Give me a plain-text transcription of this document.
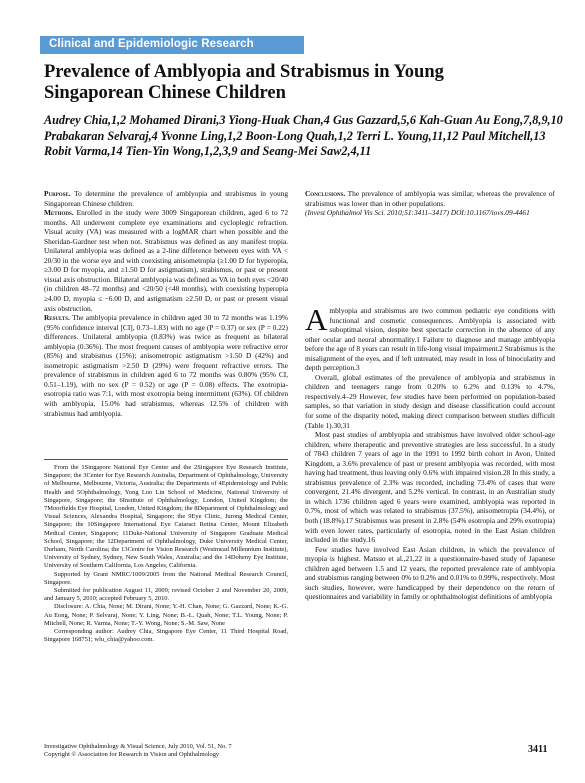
Clinical and Epidemiologic Research
Prevalence of Amblyopia and Strabismus in Young Singaporean Chinese Children
Audrey Chia,1,2 Mohamed Dirani,3 Yiong-Huak Chan,4 Gus Gazzard,5,6 Kah-Guan Au Eong,7,8,9,10 Prabakaran Selvaraj,4 Yvonne Ling,1,2 Boon-Long Quah,1,2 Terri L. Young,11,12 Paul Mitchell,13 Robit Varma,14 Tien-Yin Wong,1,2,3,9 and Seang-Mei Saw2,4,11

Purpose. To determine the prevalence of amblyopia and strabismus in young Singaporean Chinese children.

Methods. Enrolled in the study were 3009 Singaporean children, aged 6 to 72 months. All underwent complete eye examinations and cycloplegic refraction. Visual acuity (VA) was measured with a logMAR chart when possible and the Sheridan-Gardner test when not. Strabismus was defined as any manifest tropia. Unilateral amblyopia was defined as a 2-line difference between eyes with VA < 20/30 in the worse eye and with coexisting anisometropia (≥1.00 D for hyperopia, ≥3.00 D for myopia, and ≥1.50 D for astigmatism), strabismus, or past or present visual axis obstruction. Bilateral amblyopia was defined as VA in both eyes <20/40 (in children 48–72 months) and <20/50 (<48 months), with coexisting hyperopia ≥4.00 D, myopia ≤ −6.00 D, and astigmatism ≥2.50 D, or past or present visual axis obstruction.

Results. The amblyopia prevalence in children aged 30 to 72 months was 1.19% (95% confidence interval [CI], 0.73–1.83) with no age (P = 0.37) or sex (P = 0.22) differences. Unilateral amblyopia (0.83%) was twice as frequent as bilateral amblyopia (0.36%). The most frequent causes of amblyopia were refractive error (85%) and strabismus (15%); anisometropic astigmatism >1.50 D (42%) and isometropic astigmatism >2.50 D (29%) were frequent refractive errors. The prevalence of strabismus in children aged 6 to 72 months was 0.80% (95% CI, 0.51–1.19), with no sex (P = 0.52) or age (P = 0.08) effects. The exotropia-esotropia ratio was 7:1, with most exotropia being intermittent (63%). Of children with amblyopia, 15.0% had strabismus, whereas 12.5% of children with strabismus had amblyopia.

Conclusions. The prevalence of amblyopia was similar, whereas the prevalence of strabismus was lower than in other populations.

(Invest Ophthalmol Vis Sci. 2010;51:3411–3417) DOI:10.1167/iovs.09-4461

From the 1Singapore National Eye Center and the 2Singapore Eye Research Institute, Singapore; the 3Center for Eye Research Australia, Department of Ophthalmology, University of Melbourne, Melbourne, Victoria, Australia; the Departments of 4Epidemiology and Public Health and 5Ophthalmology, Yong Loo Lin School of Medicine, National University of Singapore, Singapore; the 6Institute of Ophthalmology, London, United Kingdom; the 7Moorfields Eye Hospital, London, United Kingdom; the 8Department of Ophthalmology and Visual Sciences, Alexandra Hospital, Singapore; the 9Eye Clinic, Jurong Medical Center, Singapore; the 10Singapore International Eye Cataract Retina Center, Mount Elizabeth Medical Center, Singapore; 11Duke-National University of Singapore Graduate Medical School, Singapore; the 12Department of Ophthalmology, Duke University Medical Center, Durham, North Carolina; the 13Centre for Vision Research (Westmead Millennium Institute), University of Sydney, Sydney, New South Wales, Australia; and the 14Doheny Eye Institute, University of Southern California, Los Angeles, California.

Supported by Grant NMRC/1009/2005 from the National Medical Research Council, Singapore.

Submitted for publication August 11, 2009; revised October 2 and November 20, 2009, and January 5, 2010; accepted February 5, 2010.

Disclosure: A. Chia, None; M. Dirani, None; Y.-H. Chan, None; G. Gazzard, None; K.-G. Au Eong, None; P. Selvaraj, None; Y. Ling, None; B.-L. Quah, None; T.L. Young, None; P. Mitchell, None; R. Varma, None; T.-Y. Wong, None; S.-M. Saw, None

Corresponding author: Audrey Chia, Singapore Eye Center, 11 Third Hospital Road, Singapore 168751; wlu_chia@yahoo.com.

Amblyopia and strabismus are two common pediatric eye conditions with functional and cosmetic consequences. Amblyopia is associated with suboptimal vision, despite best spectacle correction in the absence of any other ocular and neural abnormality.1 Failure to diagnose and manage amblyopia before the age of 8 years can result in life-long visual impairment.2 Strabismus is the misalignment of the eyes, and if left untreated, may result in loss of binocularity and depth perception.3

Overall, global estimates of the prevalence of amblyopia and strabismus in children and teenagers range from 0.20% to 6.2% and 0.13% to 4.7%, respectively.4–29 However, few studies have been performed on population-based samples, so that variation in study design and disease classification could account for some of the disparity noted, making direct comparison between studies difficult (Table 1).30,31

Most past studies of amblyopia and strabismus have involved older school-age children, where therapeutic and preventive strategies are less successful. In a study of 7843 children 7 years of age in the 1991 to 1992 birth cohort in Avon, United Kingdom, a 3.6% prevalence of past or present amblyopia was recorded, with most having had treatment, thus leaving only 0.6% with impaired vision.28 In this study, a strabismus prevalence of 2.3% was recorded, including 73.4% of cases that were convergent, 21.4% divergent, and 5.2% vertical. In contrast, in an Australian study in which 1736 children aged 6 years were examined, amblyopia was reported in 0.7%, most of which was related to strabismus (37.5%), anisometropia (34.4%), or both (18.8%).17 Strabismus was present in 2.8% (54% esotropia and 29% exotropia) with even lower rates, particularly of esotropia, noted in the East Asian children included in the study.16

Few studies have involved East Asian children, in which the prevalence of myopia is highest. Matsuo et al.,21,22 in a questionnaire-based study of Japanese children aged between 1.5 and 12 years, the reported prevalence rate of amblyopia and strabismus ranging between 0% to 0.2% and 0.01% to 0.99%, respectively. Most such studies, however, were handicapped by their dependence on the return of questionnaires and variability in family or ophthalmologist definitions of amblyopia

Investigative Ophthalmology & Visual Science, July 2010, Vol. 51, No. 7
Copyright © Association for Research in Vision and Ophthalmology	3411
